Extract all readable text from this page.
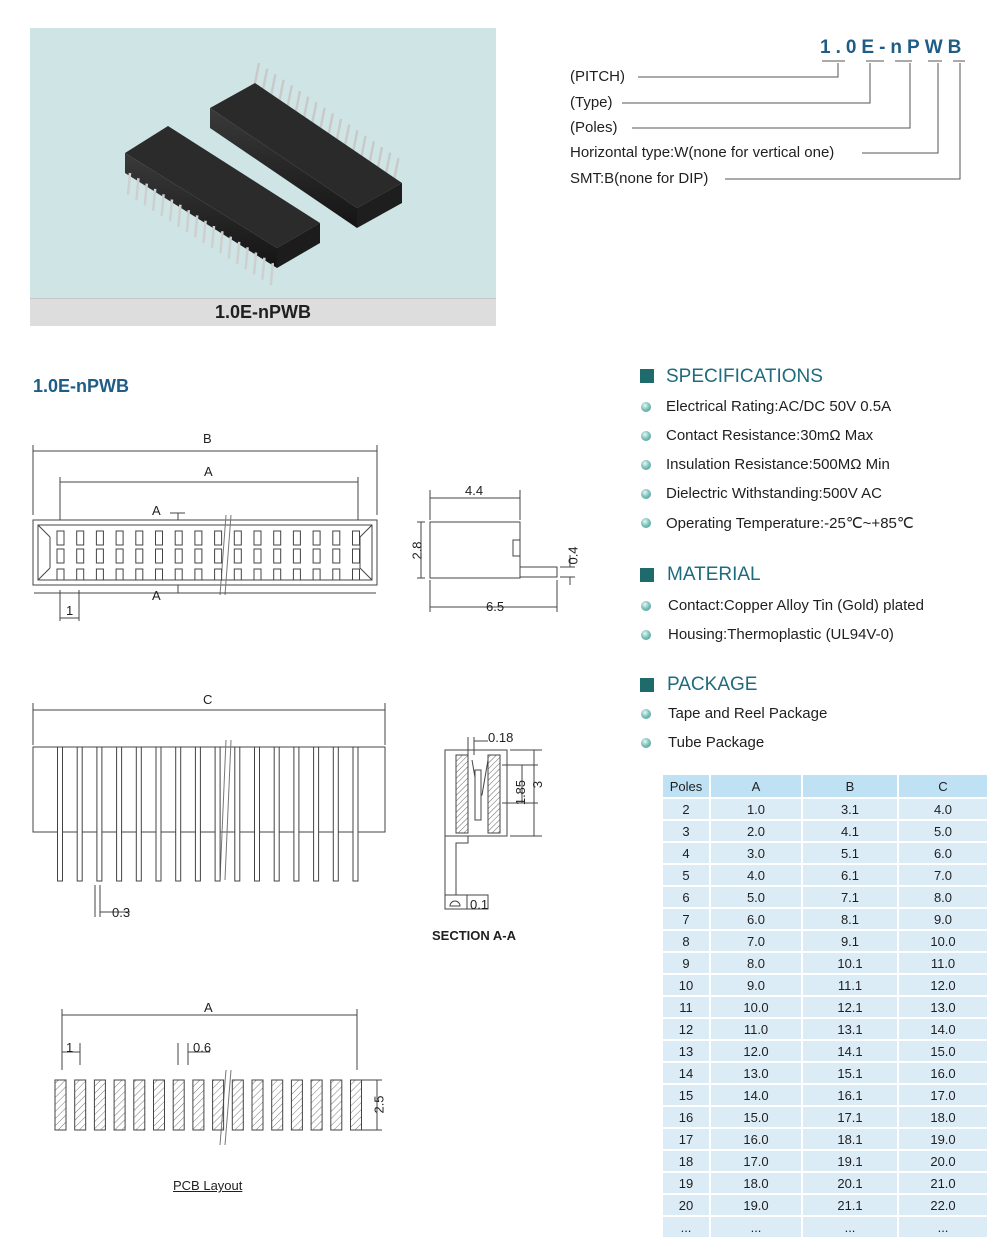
1.0E-nPWB
1.0E-nPWB
(PITCH)
(Type)
(Poles)
Horizontal type:W(none for vertical one)
SMT:B(none for DIP)
1.0E-nPWB
B
A
A
A
1
4.4
2.8	0.4
6.5
C
0.3
0.18
1.85 3
0.1
SECTION A-A
A
1	0.6
2.5
PCB Layout
SPECIFICATIONS
Electrical Rating:AC/DC 50V 0.5A
Contact Resistance:30mΩ Max
Insulation Resistance:500MΩ Min
Dielectric Withstanding:500V AC
Operating Temperature:-25℃~+85℃
MATERIAL
Contact:Copper Alloy Tin (Gold) plated
Housing:Thermoplastic (UL94V-0)
PACKAGE
Tape and Reel Package
Tube Package
Poles	A	B	C
2	1.0	3.1	4.0
3	2.0	4.1	5.0
4	3.0	5.1	6.0
5	4.0	6.1	7.0
6	5.0	7.1	8.0
7	6.0	8.1	9.0
8	7.0	9.1	10.0
9	8.0	10.1	11.0
10	9.0	11.1	12.0
11	10.0	12.1	13.0
12	11.0	13.1	14.0
13	12.0	14.1	15.0
14	13.0	15.1	16.0
15	14.0	16.1	17.0
16	15.0	17.1	18.0
17	16.0	18.1	19.0
18	17.0	19.1	20.0
19	18.0	20.1	21.0
20	19.0	21.1	22.0
...	...	...	...
